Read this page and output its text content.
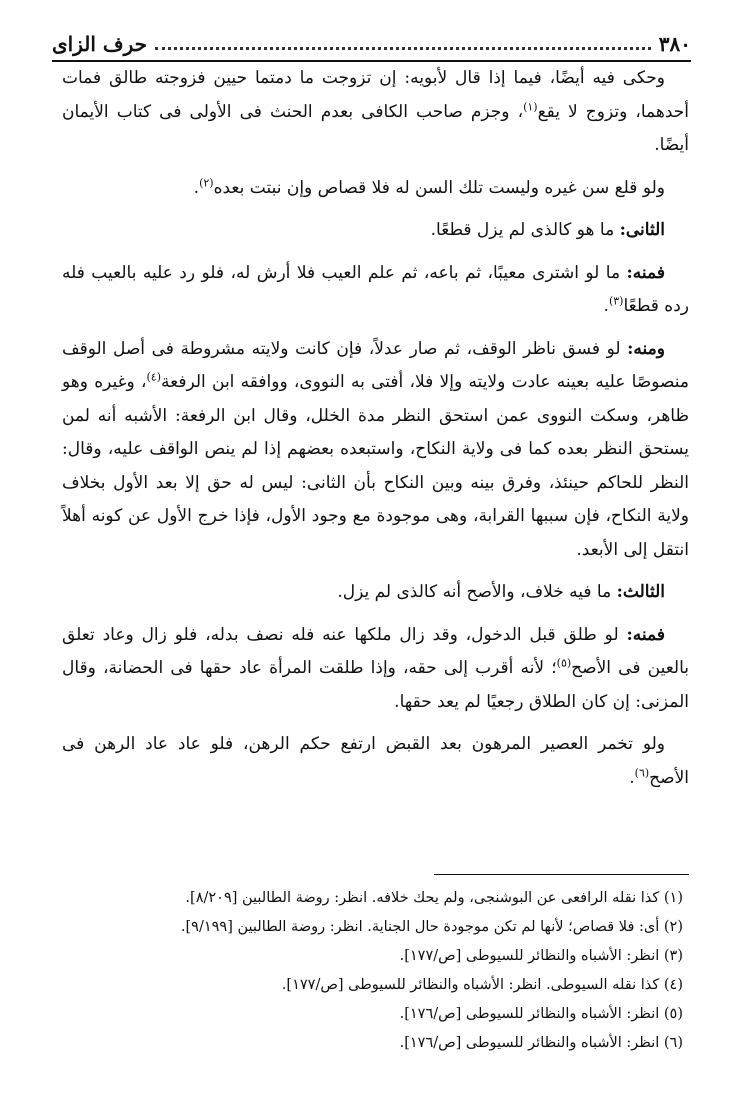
٣٨٠
حرف الزاى

وحكى فيه أيضًا، فيما إذا قال لأبويه: إن تزوجت ما دمتما حيين فزوجته طالق فمات أحدهما، وتزوج لا يقع$^{(١)}$، وجزم صاحب الكافى بعدم الحنث فى الأولى فى كتاب الأيمان أيضًا.

ولو قلع سن غيره وليست تلك السن له فلا قصاص وإن نبتت بعده$^{(٢)}$.

الثانى: ما هو كالذى لم يزل قطعًا.

فمنه: ما لو اشترى معيبًا، ثم باعه، ثم علم العيب فلا أرش له، فلو رد عليه بالعيب فله رده قطعًا$^{(٣)}$.

ومنه: لو فسق ناظر الوقف، ثم صار عدلاً، فإن كانت ولايته مشروطة فى أصل الوقف منصوصًا عليه بعينه عادت ولايته وإلا فلا، أفتى به النووى، ووافقه ابن الرفعة$^{(٤)}$، وغيره وهو ظاهر، وسكت النووى عمن استحق النظر مدة الخلل، وقال ابن الرفعة: الأشبه أنه لمن يستحق النظر بعده كما فى ولاية النكاح، واستبعده بعضهم إذا لم ينص الواقف عليه، وقال: النظر للحاكم حينئذ، وفرق بينه وبين النكاح بأن الثانى: ليس له حق إلا بعد الأول بخلاف ولاية النكاح، فإن سببها القرابة، وهى موجودة مع وجود الأول، فإذا خرج الأول عن كونه أهلاً انتقل إلى الأبعد.

الثالث: ما فيه خلاف، والأصح أنه كالذى لم يزل.

فمنه: لو طلق قبل الدخول، وقد زال ملكها عنه فله نصف بدله، فلو زال وعاد تعلق بالعين فى الأصح$^{(٥)}$؛ لأنه أقرب إلى حقه، وإذا طلقت المرأة عاد حقها فى الحضانة، وقال المزنى: إن كان الطلاق رجعيًا لم يعد حقها.

ولو تخمر العصير المرهون بعد القبض ارتفع حكم الرهن، فلو عاد عاد الرهن فى الأصح$^{(٦)}$.

(١) كذا نقله الرافعى عن البوشنجى، ولم يحك خلافه. انظر: روضة الطالبين [٨/٢٠٩].

(٢) أى: فلا قصاص؛ لأنها لم تكن موجودة حال الجناية. انظر: روضة الطالبين [٩/١٩٩].

(٣) انظر: الأشباه والنظائر للسيوطى [ص/١٧٧].

(٤) كذا نقله السيوطى. انظر: الأشباه والنظائر للسيوطى [ص/١٧٧].

(٥) انظر: الأشباه والنظائر للسيوطى [ص/١٧٦].

(٦) انظر: الأشباه والنظائر للسيوطى [ص/١٧٦].
